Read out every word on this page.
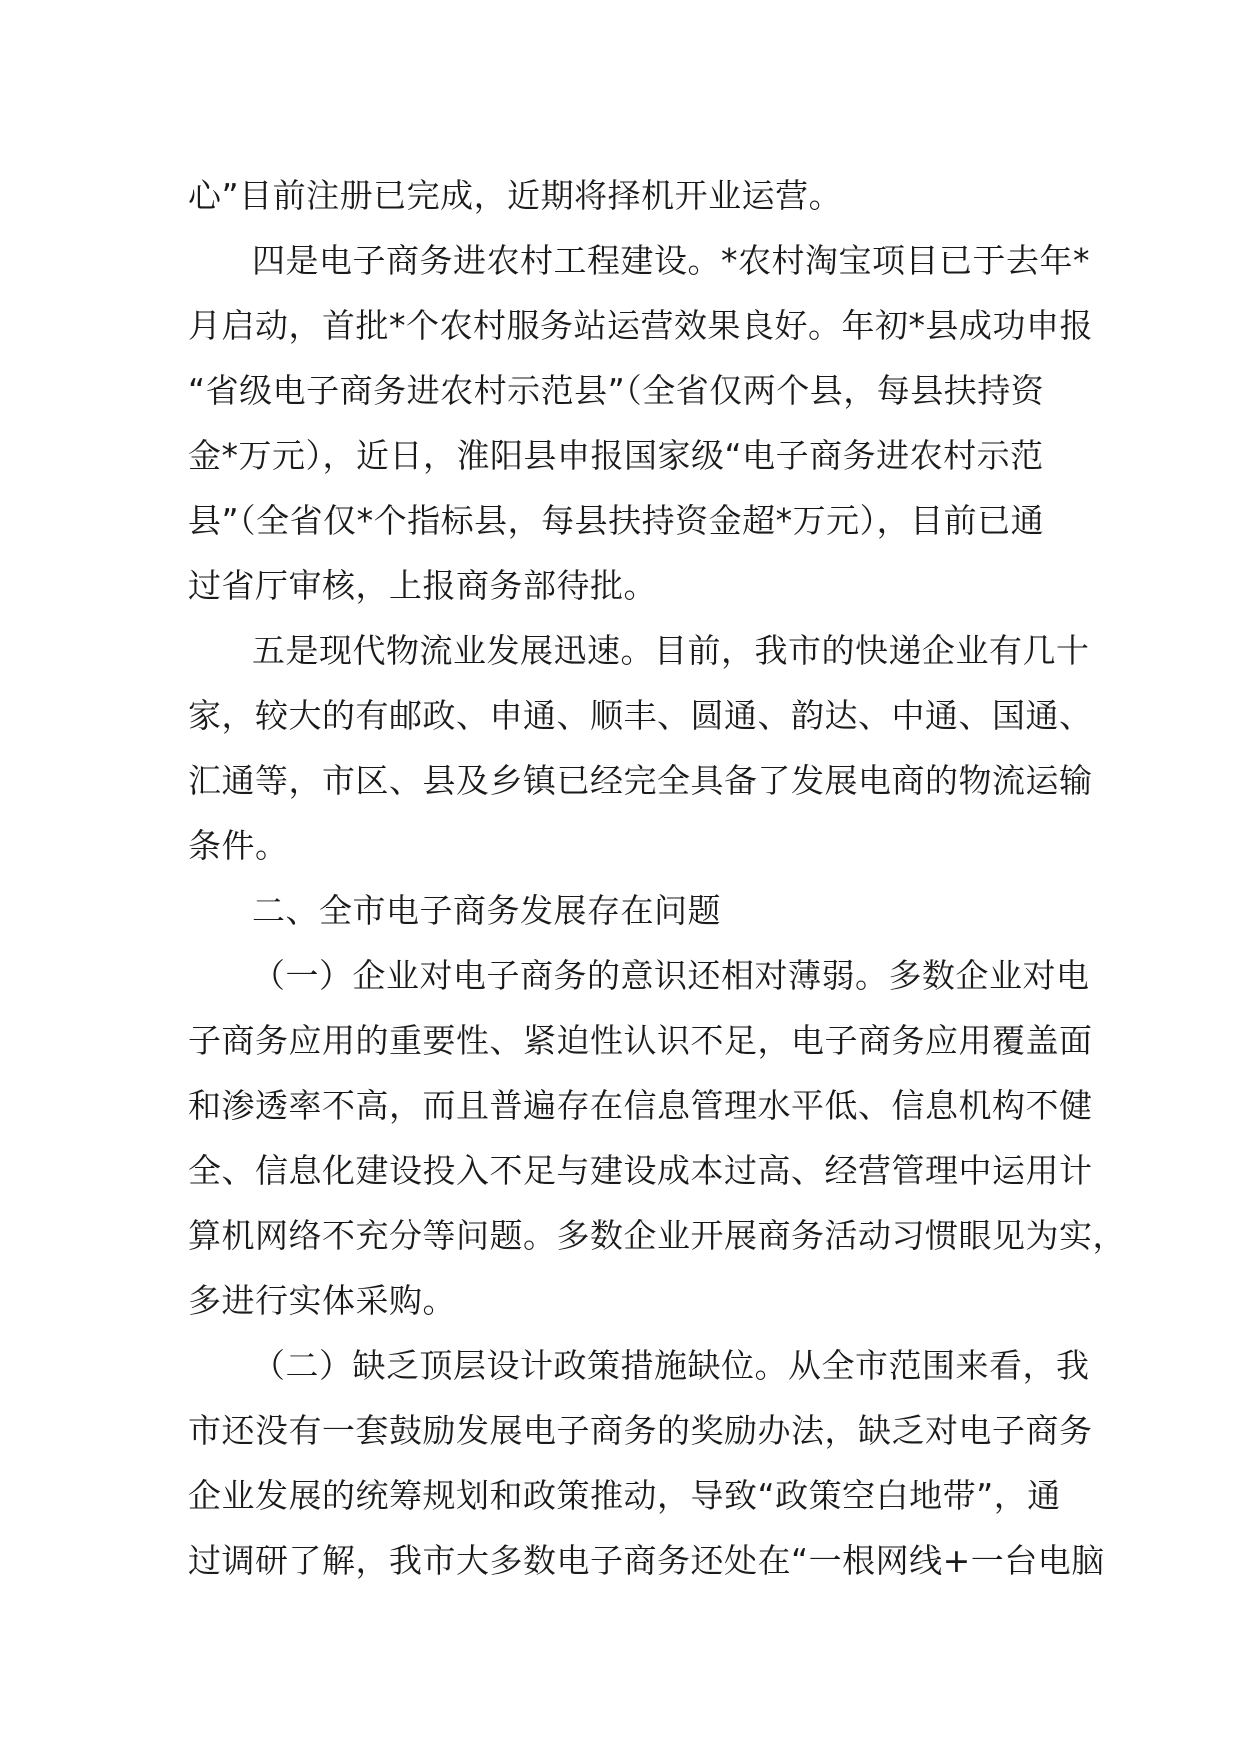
心”目前注册已完成，近期将择机开业运营。
四是电子商务进农村工程建设。*农村淘宝项目已于去年*
月启动，首批*个农村服务站运营效果良好。年初*县成功申报
“省级电子商务进农村示范县”（全省仅两个县，每县扶持资
金*万元），近日，淮阳县申报国家级“电子商务进农村示范
县”（全省仅*个指标县，每县扶持资金超*万元），目前已通
过省厅审核，上报商务部待批。
五是现代物流业发展迅速。目前，我市的快递企业有几十
家，较大的有邮政、申通、顺丰、圆通、韵达、中通、国通、
汇通等，市区、县及乡镇已经完全具备了发展电商的物流运输
条件。
二、全市电子商务发展存在问题
（一）企业对电子商务的意识还相对薄弱。多数企业对电
子商务应用的重要性、紧迫性认识不足，电子商务应用覆盖面
和渗透率不高，而且普遍存在信息管理水平低、信息机构不健
全、信息化建设投入不足与建设成本过高、经营管理中运用计
算机网络不充分等问题。多数企业开展商务活动习惯眼见为实，
多进行实体采购。
（二）缺乏顶层设计政策措施缺位。从全市范围来看，我
市还没有一套鼓励发展电子商务的奖励办法，缺乏对电子商务
企业发展的统筹规划和政策推动，导致“政策空白地带”，通
过调研了解，我市大多数电子商务还处在“一根网线+一台电脑
